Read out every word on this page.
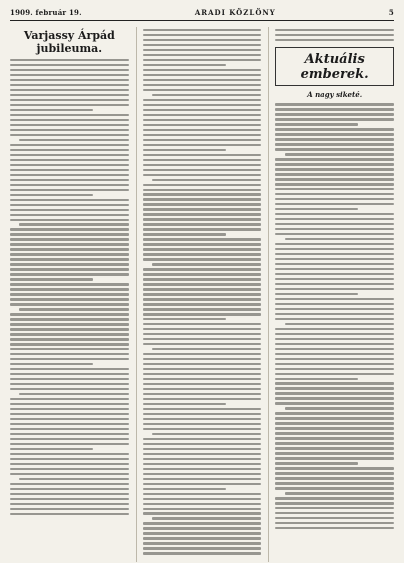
1909. február 19.	ARADI KÖZLÖNY	5
Varjassy Árpád jubileuma.
Aktuális emberek.
A nagy siketé.
